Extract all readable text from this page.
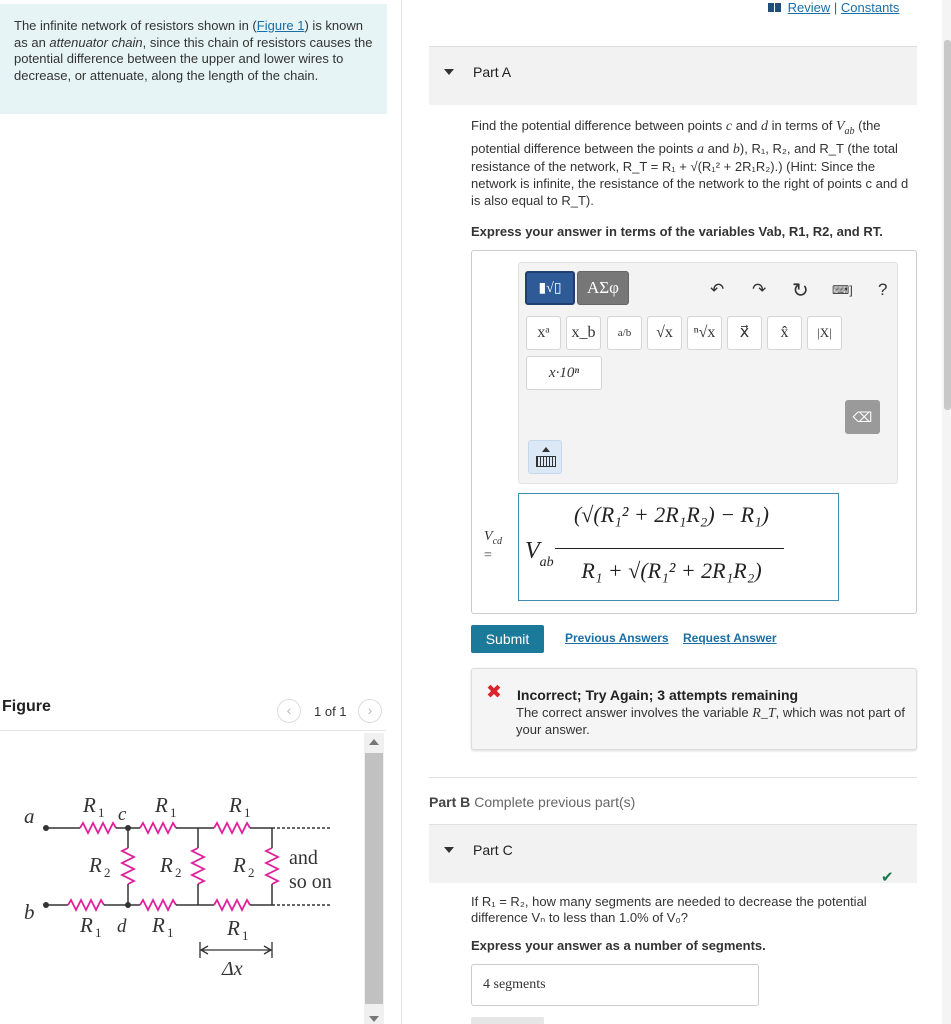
The infinite network of resistors shown in (Figure 1) is known as an attenuator chain, since this chain of resistors causes the potential difference between the upper and lower wires to decrease, or attenuate, along the length of the chain.
Figure	‹	1 of 1	›
a
b
c
d
R 1 R 1	R 1
R 2 R 2 R 2
R 1 R 1	R 1
and
so on
Δx
Review | Constants
Part A
Find the potential difference between points c and d in terms of $V_{ab}$ (the potential difference between the points a and b), R₁, R₂, and R_T (the total resistance of the network, R_T = R₁ + √(R₁² + 2R₁R₂).) (Hint: Since the network is infinite, the resistance of the network to the right of points c and d is also equal to R_T).
Express your answer in terms of the variables Vab, R1, R2, and RT.
▮√▯	ΑΣφ	↶ ↷ ↻ ⌨] ?
xᵃ	x_b	a/b	√x	ⁿ√x	x⃗	x̂	|X|
x·10ⁿ
⌫
$V_{cd}$
=	$V_{ab}$
(√(R₁² + 2R₁R₂) − R₁)
R₁ + √(R₁² + 2R₁R₂)
Submit	Previous Answers Request Answer
✖ Incorrect; Try Again; 3 attempts remaining
The correct answer involves the variable R_T, which was not part of your answer.
Part B Complete previous part(s)
Part C
✔
If R₁ = R₂, how many segments are needed to decrease the potential difference Vₙ to less than 1.0% of V₀?
Express your answer as a number of segments.
4 segments
